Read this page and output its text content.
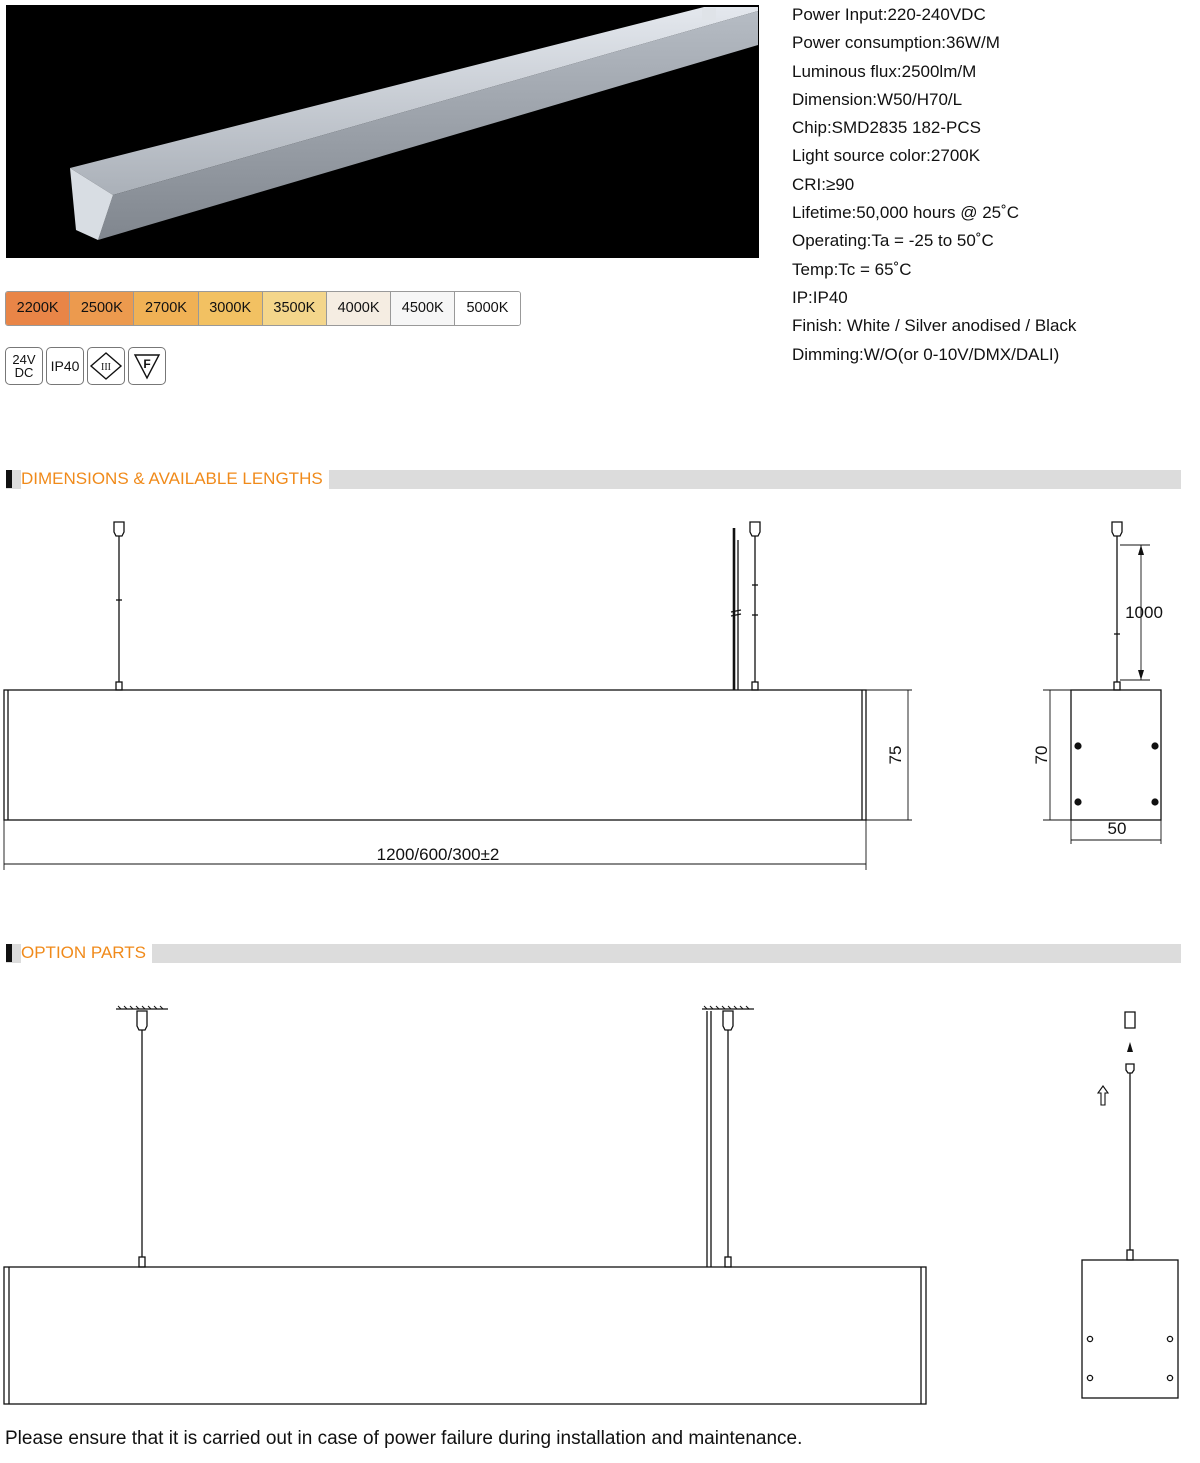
Power Input:220-240VDC
Power consumption:36W/M
Luminous flux:2500lm/M
Dimension:W50/H70/L
Chip:SMD2835 182-PCS
Light source color:2700K
CRI:≥90
Lifetime:50,000 hours @ 25˚C
Operating:Ta = -25 to 50˚C
Temp:Tc = 65˚C
IP:IP40
Finish: White / Silver anodised / Black
Dimming:W/O(or 0-10V/DMX/DALI)
2200K	2500K	2700K	3000K	3500K	4000K	4500K	5000K
24V
DC IP40 III	F
DIMENSIONS & AVAILABLE LENGTHS
75
1200/600/300±2
1000
70
50
OPTION PARTS
Please ensure that it is carried out in case of power failure during installation and maintenance.
